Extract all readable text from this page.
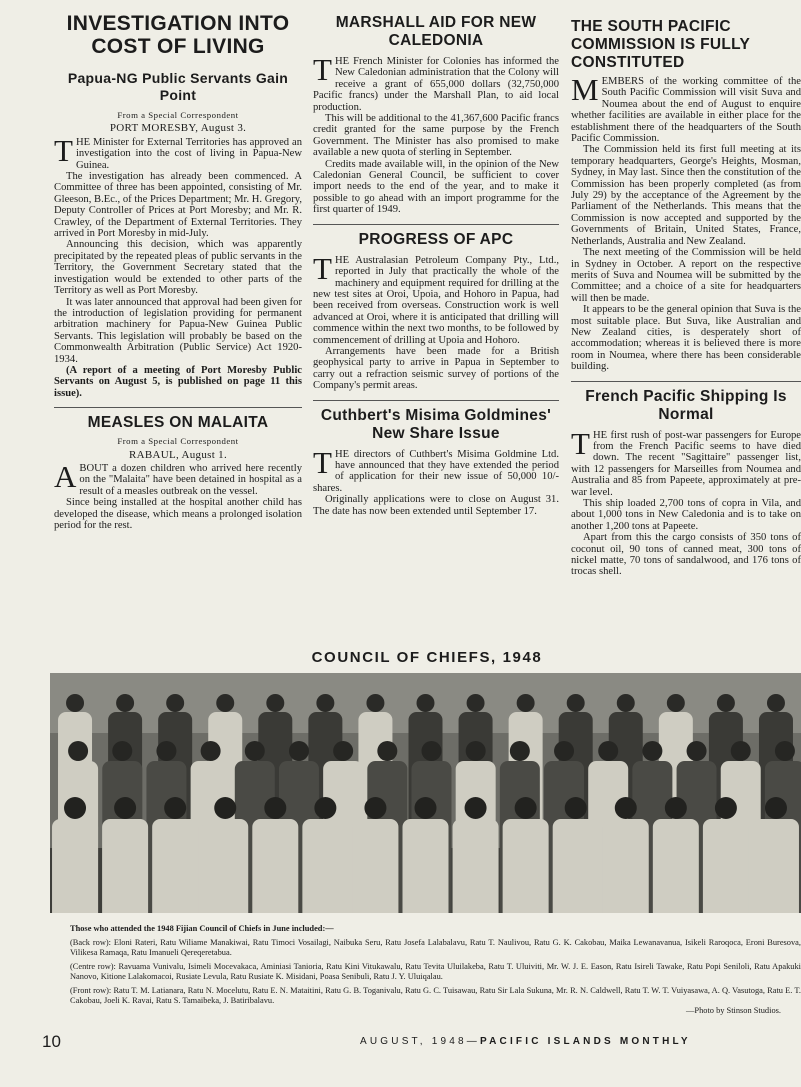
INVESTIGATION INTO COST OF LIVING
Papua-NG Public Servants Gain Point
From a Special Correspondent
PORT MORESBY, August 3.

THE Minister for External Territories has approved an investigation into the cost of living in Papua-New Guinea.

The investigation has already been commenced. A Committee of three has been appointed, consisting of Mr. Gleeson, B.Ec., of the Prices Department; Mr. H. Gregory, Deputy Controller of Prices at Port Moresby; and Mr. R. Crawley, of the Department of External Territories. They arrived in Port Moresby in mid-July.

Announcing this decision, which was apparently precipitated by the repeated pleas of public servants in the Territory, the Government Secretary stated that the investigation would be extended to other parts of the Territory as well as Port Moresby.

It was later announced that approval had been given for the introduction of legislation providing for permanent arbitration machinery for Papua-New Guinea Public Servants. This legislation will probably be based on the Commonwealth Arbitration (Public Service) Act 1920-1934.

(A report of a meeting of Port Moresby Public Servants on August 5, is published on page 11 this issue).

MEASLES ON MALAITA
From a Special Correspondent
RABAUL, August 1.

ABOUT a dozen children who arrived here recently on the "Malaita" have been detained in hospital as a result of a measles outbreak on the vessel.

Since being installed at the hospital another child has developed the disease, which means a prolonged isolation period for the rest.

MARSHALL AID FOR NEW CALEDONIA

THE French Minister for Colonies has informed the New Caledonian administration that the Colony will receive a grant of 655,000 dollars (32,750,000 Pacific francs) under the Marshall Plan, to aid local production.

This will be additional to the 41,367,600 Pacific francs credit granted for the same purpose by the French Government. The Minister has also promised to make available a new quota of sterling in September.

Credits made available will, in the opinion of the New Caledonian General Council, be sufficient to cover import needs to the end of the year, and to make it possible to go ahead with an import programme for the first quarter of 1949.

PROGRESS OF APC

THE Australasian Petroleum Company Pty., Ltd., reported in July that practically the whole of the machinery and equipment required for drilling at the new test sites at Oroi, Upoia, and Hohoro in Papua, had been received from overseas. Construction work is well advanced at Oroi, where it is anticipated that drilling will commence within the next two months, to be followed by commencement of drilling at Upoia and Hohoro.

Arrangements have been made for a British geophysical party to arrive in Papua in September to carry out a refraction seismic survey of portions of the Company's permit areas.

Cuthbert's Misima Goldmines' New Share Issue

THE directors of Cuthbert's Misima Goldmine Ltd. have announced that they have extended the period of application for their new issue of 50,000 10/- shares.

Originally applications were to close on August 31. The date has now been extended until September 17.

THE SOUTH PACIFIC COMMISSION IS FULLY CONSTITUTED

MEMBERS of the working committee of the South Pacific Commission will visit Suva and Noumea about the end of August to enquire whether facilities are available in either place for the establishment there of the headquarters of the South Pacific Commission.

The Commission held its first full meeting at its temporary headquarters, George's Heights, Mosman, Sydney, in May last. Since then the constitution of the Commission has been properly completed (as from July 29) by the acceptance of the Agreement by the Parliament of the Netherlands. This means that the Commission is now accepted and supported by the Governments of Britain, United States, France, Netherlands, Australia and New Zealand.

The next meeting of the Commission will be held in Sydney in October. A report on the respective merits of Suva and Noumea will be submitted by the Committee; and a choice of a site for headquarters will then be made.

It appears to be the general opinion that Suva is the most suitable place. But Suva, like Australian and New Zealand cities, is desperately short of accommodation; whereas it is believed there is more room in Noumea, where there has been considerable building.

French Pacific Shipping Is Normal

THE first rush of post-war passengers for Europe from the French Pacific seems to have died down. The recent "Sagittaire" passenger list, with 12 passengers for Marseilles from Noumea and Australia and 85 from Papeete, approximately at pre-war level.

This ship loaded 2,700 tons of copra in Vila, and about 1,000 tons in New Caledonia and is to take on another 1,200 tons at Papeete.

Apart from this the cargo consists of 350 tons of coconut oil, 90 tons of canned meat, 300 tons of nickel matte, 70 tons of sandalwood, and 176 tons of trocas shell.

COUNCIL OF CHIEFS, 1948
Those who attended the 1948 Fijian Council of Chiefs in June included:—

(Back row): Eloni Rateri, Ratu Wiliame Manakiwai, Ratu Timoci Vosailagi, Naibuka Seru, Ratu Josefa Lalabalavu, Ratu T. Naulivou, Ratu G. K. Cakobau, Maika Lewanavanua, Isikeli Raroqoca, Eroni Buresova, Vilikesa Ramaqa, Ratu Imanueli Qereqeretabua.

(Centre row): Ravuama Vunivalu, Isimeli Mocevakaca, Aminiasi Tanioria, Ratu Kini Vitukawalu, Ratu Tevita Uluilakeba, Ratu T. Uluiviti, Mr. W. J. E. Eason, Ratu Isireli Tawake, Ratu Popi Seniloli, Ratu Apakuki Nanovo, Kitione Lalakomacoi, Rusiate Levula, Ratu Rusiate K. Misidani, Poasa Senibuli, Ratu J. Y. Uluiqalau.

(Front row): Ratu T. M. Latianara, Ratu N. Mocelutu, Ratu E. N. Mataitini, Ratu G. B. Toganivalu, Ratu G. C. Tuisawau, Ratu Sir Lala Sukuna, Mr. R. N. Caldwell, Ratu T. W. T. Vuiyasawa, A. Q. Vasutoga, Ratu E. T. Cakobau, Joeli K. Ravai, Ratu S. Tamaibeka, J. Batiribalavu.

—Photo by Stinson Studios.
10	AUGUST, 1948—PACIFIC ISLANDS MONTHLY
